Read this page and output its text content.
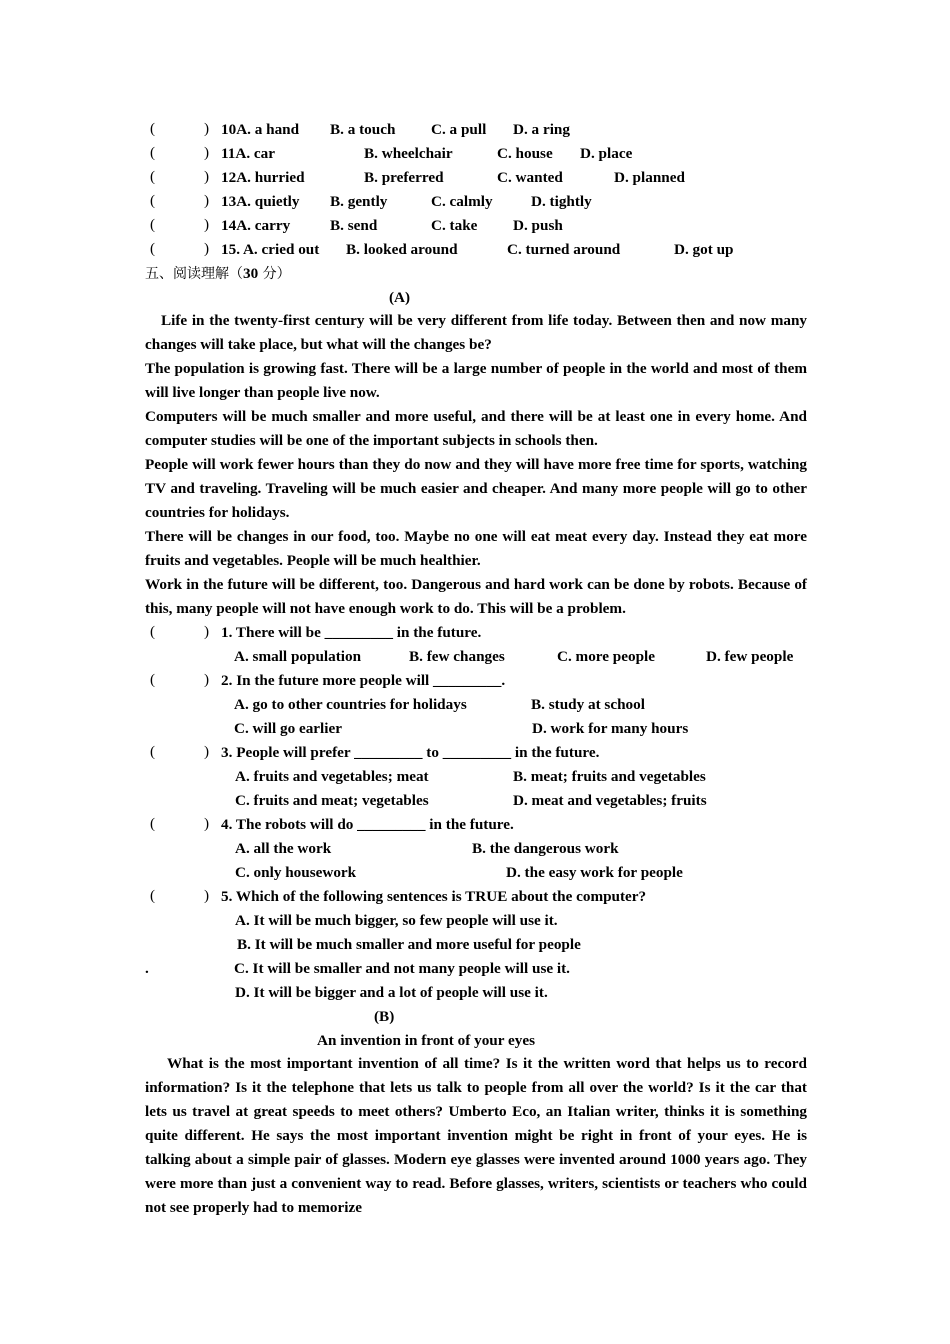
(	) 10A. a hand B. a touch C. a pull D. a ring
(	) 11A. car	B. wheelchair	C. house D. place
(	) 12A. hurried	B. preferred	C. wanted	D. planned
(	) 13A. quietly B. gently	C. calmly	D. tightly
(	) 14A. carry	B. send	C. take D. push
(	) 15. A. cried out B. looked around	C. turned around	D. got up
五、阅读理解（30 分）
(A)
Life in the twenty-first century will be very different from life today. Between then and now many changes will take place, but what will the changes be?
The population is growing fast. There will be a large number of people in the world and most of them will live longer than people live now.
Computers will be much smaller and more useful, and there will be at least one in every home. And computer studies will be one of the important subjects in schools then.
People will work fewer hours than they do now and they will have more free time for sports, watching TV and traveling. Traveling will be much easier and cheaper. And many more people will go to other countries for holidays.
There will be changes in our food, too. Maybe no one will eat meat every day. Instead they eat more fruits and vegetables. People will be much healthier.
Work in the future will be different, too. Dangerous and hard work can be done by robots. Because of this, many people will not have enough work to do. This will be a problem.
(	) 1. There will be _________ in the future.
A. small population	B. few changes	C. more people	D. few people
(	) 2. In the future more people will _________.
A. go to other countries for holidays	B. study at school
C. will go earlier	D. work for many hours
(	) 3. People will prefer _________ to _________ in the future.
A. fruits and vegetables; meat	B. meat; fruits and vegetables
C. fruits and meat; vegetables	D. meat and vegetables; fruits
(	) 4. The robots will do _________ in the future.
A. all the work	B. the dangerous work
C. only housework	D. the easy work for people
(	) 5. Which of the following sentences is TRUE about the computer?
A. It will be much bigger, so few people will use it.
B. It will be much smaller and more useful for people
.	C. It will be smaller and not many people will use it.
D. It will be bigger and a lot of people will use it.
(B)
An invention in front of your eyes
What is the most important invention of all time? Is it the written word that helps us to record information? Is it the telephone that lets us talk to people from all over the world? Is it the car that lets us travel at great speeds to meet others? Umberto Eco, an Italian writer, thinks it is something quite different. He says the most important invention might be right in front of your eyes. He is talking about a simple pair of glasses. Modern eye glasses were invented around 1000 years ago. They were more than just a convenient way to read. Before glasses, writers, scientists or teachers who could not see properly had to memorize
